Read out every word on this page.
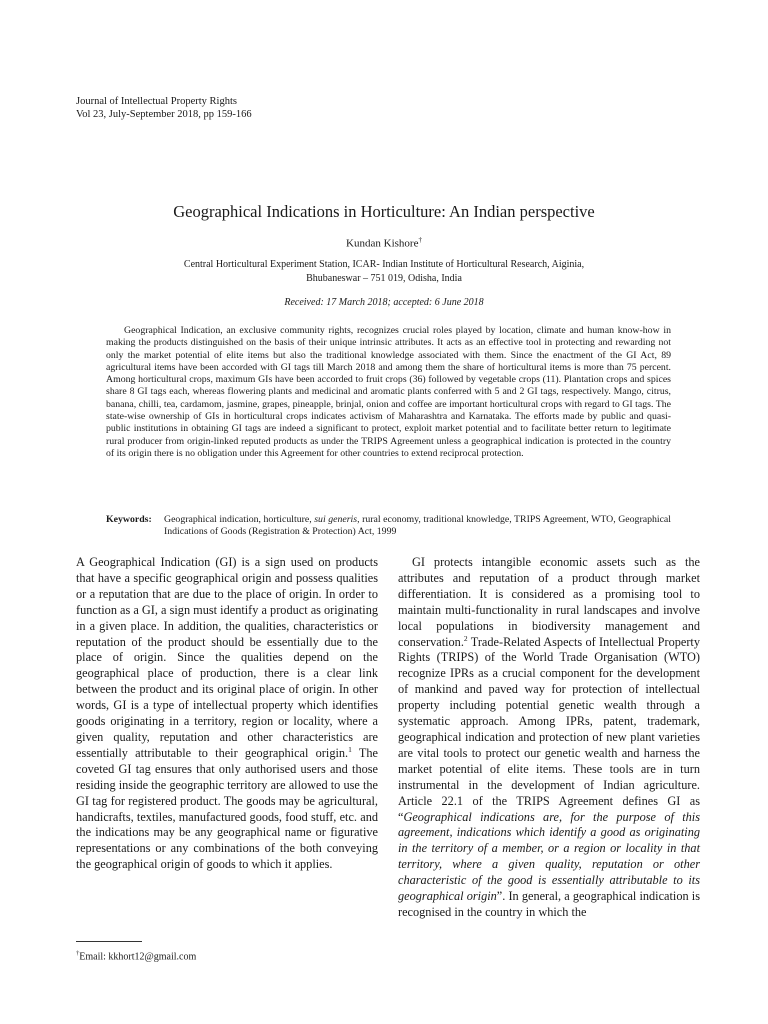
Journal of Intellectual Property Rights
Vol 23, July-September 2018, pp 159-166
Geographical Indications in Horticulture: An Indian perspective
Kundan Kishore†
Central Horticultural Experiment Station, ICAR- Indian Institute of Horticultural Research, Aiginia,
Bhubaneswar – 751 019, Odisha, India
Received: 17 March 2018; accepted: 6 June 2018

Geographical Indication, an exclusive community rights, recognizes crucial roles played by location, climate and human know-how in making the products distinguished on the basis of their unique intrinsic attributes. It acts as an effective tool in protecting and rewarding not only the market potential of elite items but also the traditional knowledge associated with them. Since the enactment of the GI Act, 89 agricultural items have been accorded with GI tags till March 2018 and among them the share of horticultural items is more than 75 percent. Among horticultural crops, maximum GIs have been accorded to fruit crops (36) followed by vegetable crops (11). Plantation crops and spices share 8 GI tags each, whereas flowering plants and medicinal and aromatic plants conferred with 5 and 2 GI tags, respectively. Mango, citrus, banana, chilli, tea, cardamom, jasmine, grapes, pineapple, brinjal, onion and coffee are important horticultural crops with regard to GI tags. The state-wise ownership of GIs in horticultural crops indicates activism of Maharashtra and Karnataka. The efforts made by public and quasi-public institutions in obtaining GI tags are indeed a significant to protect, exploit market potential and to facilitate better return to legitimate rural producer from origin-linked reputed products as under the TRIPS Agreement unless a geographical indication is protected in the country of its origin there is no obligation under this Agreement for other countries to extend reciprocal protection.

Keywords:	Geographical indication, horticulture, sui generis, rural economy, traditional knowledge, TRIPS Agreement, WTO, Geographical Indications of Goods (Registration & Protection) Act, 1999

A Geographical Indication (GI) is a sign used on products that have a specific geographical origin and possess qualities or a reputation that are due to the place of origin. In order to function as a GI, a sign must identify a product as originating in a given place. In addition, the qualities, characteristics or reputation of the product should be essentially due to the place of origin. Since the qualities depend on the geographical place of production, there is a clear link between the product and its original place of origin. In other words, GI is a type of intellectual property which identifies goods originating in a territory, region or locality, where a given quality, reputation and other characteristics are essentially attributable to their geographical origin.$^1$ The coveted GI tag ensures that only authorised users and those residing inside the geographic territory are allowed to use the GI tag for registered product. The goods may be agricultural, handicrafts, textiles, manufactured goods, food stuff, etc. and the indications may be any geographical name or figurative representations or any combinations of the both conveying the geographical origin of goods to which it applies.

GI protects intangible economic assets such as the attributes and reputation of a product through market differentiation. It is considered as a promising tool to maintain multi-functionality in rural landscapes and involve local populations in biodiversity management and conservation.$^2$ Trade-Related Aspects of Intellectual Property Rights (TRIPS) of the World Trade Organisation (WTO) recognize IPRs as a crucial component for the development of mankind and paved way for protection of intellectual property including potential genetic wealth through a systematic approach. Among IPRs, patent, trademark, geographical indication and protection of new plant varieties are vital tools to protect our genetic wealth and harness the market potential of elite items. These tools are in turn instrumental in the development of Indian agriculture. Article 22.1 of the TRIPS Agreement defines GI as “Geographical indications are, for the purpose of this agreement, indications which identify a good as originating in the territory of a member, or a region or locality in that territory, where a given quality, reputation or other characteristic of the good is essentially attributable to its geographical origin”. In general, a geographical indication is recognised in the country in which the

†Email: kkhort12@gmail.com
